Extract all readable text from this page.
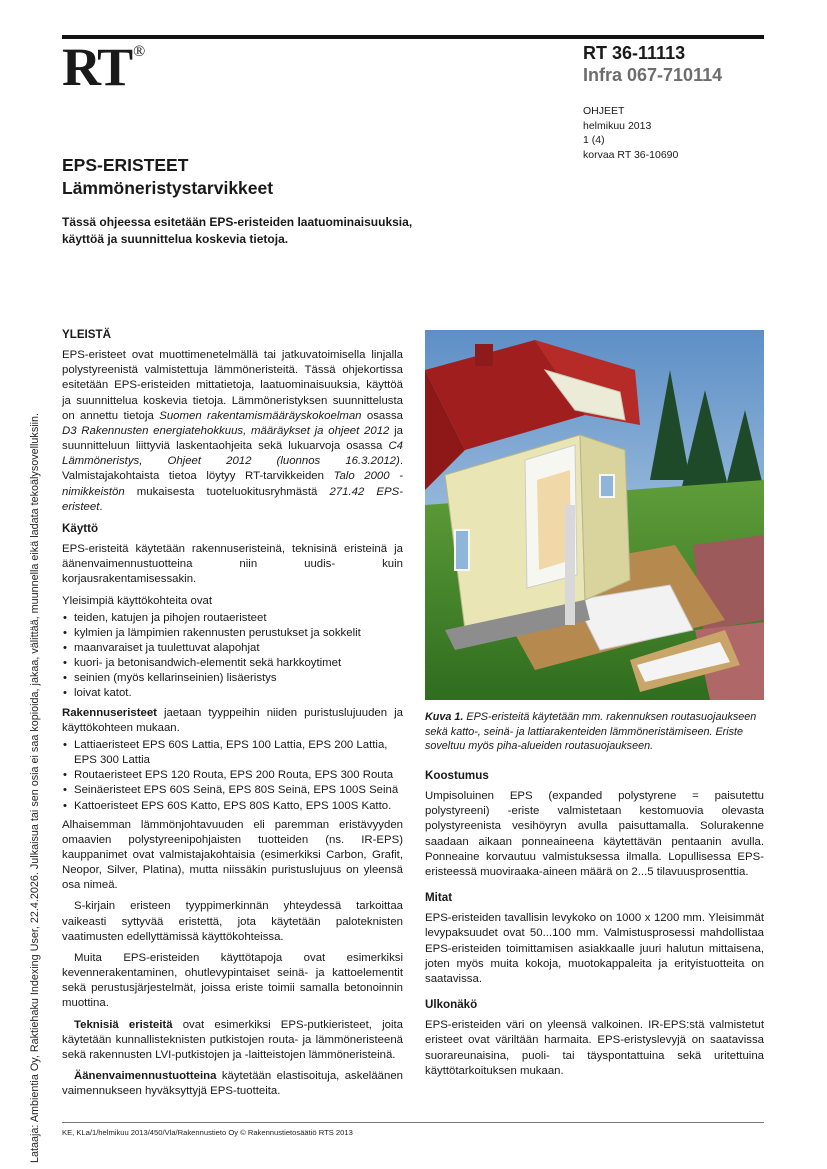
RT ®	RT 36-11113
Infra 067-710114
OHJEET
helmikuu 2013
1 (4)
korvaa RT 36-10690
EPS-ERISTEET
Lämmöneristystarvikkeet
Tässä ohjeessa esitetään EPS-eristeiden laatuominaisuuksia, käyttöä ja suunnittelua koskevia tietoja.
Lataaja: Ambientia Oy, Raktiehaku Indexing User, 22.4.2026. Julkaisua tai sen osia ei saa kopioida, jakaa, välittää, muunnella eikä ladata tekoälysovelluksiin.
YLEISTÄ

EPS-eristeet ovat muottimenetelmällä tai jatkuvatoimisella linjalla polystyreenistä valmistettuja lämmöneristeitä. Tässä ohjekortissa esitetään EPS-eristeiden mittatietoja, laatuominaisuuksia, käyttöä ja suunnittelua koskevia tietoja. Lämmöneristyksen suunnittelusta on annettu tietoja Suomen rakentamismääräyskokoelman osassa D3 Rakennusten energiatehokkuus, määräykset ja ohjeet 2012 ja suunnitteluun liittyviä laskentaohjeita sekä lukuarvoja osassa C4 Lämmöneristys, Ohjeet 2012 (luonnos 16.3.2012). Valmistajakohtaista tietoa löytyy RT-tarvikkeiden Talo 2000 -nimikkeistön mukaisesta tuoteluokitusryhmästä 271.42 EPS-eristeet.

Käyttö

EPS-eristeitä käytetään rakennuseristeinä, teknisinä eristeinä ja äänenvaimennustuotteina niin uudis- kuin korjausrakentamisessakin.

Yleisimpiä käyttökohteita ovat

• teiden, katujen ja pihojen routaeristeet
• kylmien ja lämpimien rakennusten perustukset ja sokkelit
• maanvaraiset ja tuulettuvat alapohjat
• kuori- ja betonisandwich-elementit sekä harkkoytimet
• seinien (myös kellarinseinien) lisäeristys
• loivat katot.

Rakennuseristeet jaetaan tyyppeihin niiden puristuslujuuden ja käyttökohteen mukaan.

• Lattiaeristeet EPS 60S Lattia, EPS 100 Lattia, EPS 200 Lattia, EPS 300 Lattia
• Routaeristeet EPS 120 Routa, EPS 200 Routa, EPS 300 Routa
• Seinäeristeet EPS 60S Seinä, EPS 80S Seinä, EPS 100S Seinä
• Kattoeristeet EPS 60S Katto, EPS 80S Katto, EPS 100S Katto.

Alhaisemman lämmönjohtavuuden eli paremman eristävyyden omaavien polystyreenipohjaisten tuotteiden (ns. IR-EPS) kauppanimet ovat valmistajakohtaisia (esimerkiksi Carbon, Grafit, Neopor, Silver, Platina), mutta niissäkin puristuslujuus on yleensä osa nimeä.

S-kirjain eristeen tyyppimerkinnän yhteydessä tarkoittaa vaikeasti syttyvää eristettä, jota käytetään paloteknisten vaatimusten edellyttämissä käyttökohteissa.

Muita EPS-eristeiden käyttötapoja ovat esimerkiksi kevennerakentaminen, ohutlevypintaiset seinä- ja kattoelementit sekä perustusjärjestelmät, joissa eriste toimii samalla betonoinnin muottina.

Teknisiä eristeitä ovat esimerkiksi EPS-putkieristeet, joita käytetään kunnallisteknisten putkistojen routa- ja lämmöneristeenä sekä rakennusten LVI-putkistojen ja -laitteistojen lämmöneristeinä.

Äänenvaimennustuotteina käytetään elastisoituja, askeläänen vaimennukseen hyväksyttyjä EPS-tuotteita.

Kuva 1. EPS-eristeitä käytetään mm. rakennuksen routasuojaukseen sekä katto-, seinä- ja lattiarakenteiden lämmöneristämiseen. Eriste soveltuu myös piha-alueiden routasuojaukseen.
Koostumus

Umpisoluinen EPS (expanded polystyrene = paisutettu polystyreeni) -eriste valmistetaan kestomuovia olevasta polystyreenista vesihöyryn avulla paisuttamalla. Solurakenne saadaan aikaan ponneaineena käytettävän pentaanin avulla. Ponneaine korvautuu valmistuksessa ilmalla. Lopullisessa EPS-eristeessä muoviraaka-aineen määrä on 2...5 tilavuusprosenttia.

Mitat

EPS-eristeiden tavallisin levykoko on 1000 x 1200 mm. Yleisimmät levypaksuudet ovat 50...100 mm. Valmistusprosessi mahdollistaa EPS-eristeiden toimittamisen asiakkaalle juuri halutun mittaisena, joten myös muita kokoja, muotokappaleita ja erityistuotteita on saatavissa.

Ulkonäkö

EPS-eristeiden väri on yleensä valkoinen. IR-EPS:stä valmistetut eristeet ovat väriltään harmaita. EPS-eristyslevyjä on saatavissa suorareunaisina, puoli- tai täyspontattuina sekä uritettuina käyttötarkoituksen mukaan.

KE, KLa/1/helmikuu 2013/450/Vla/Rakennustieto Oy © Rakennustietosäätiö RTS 2013
